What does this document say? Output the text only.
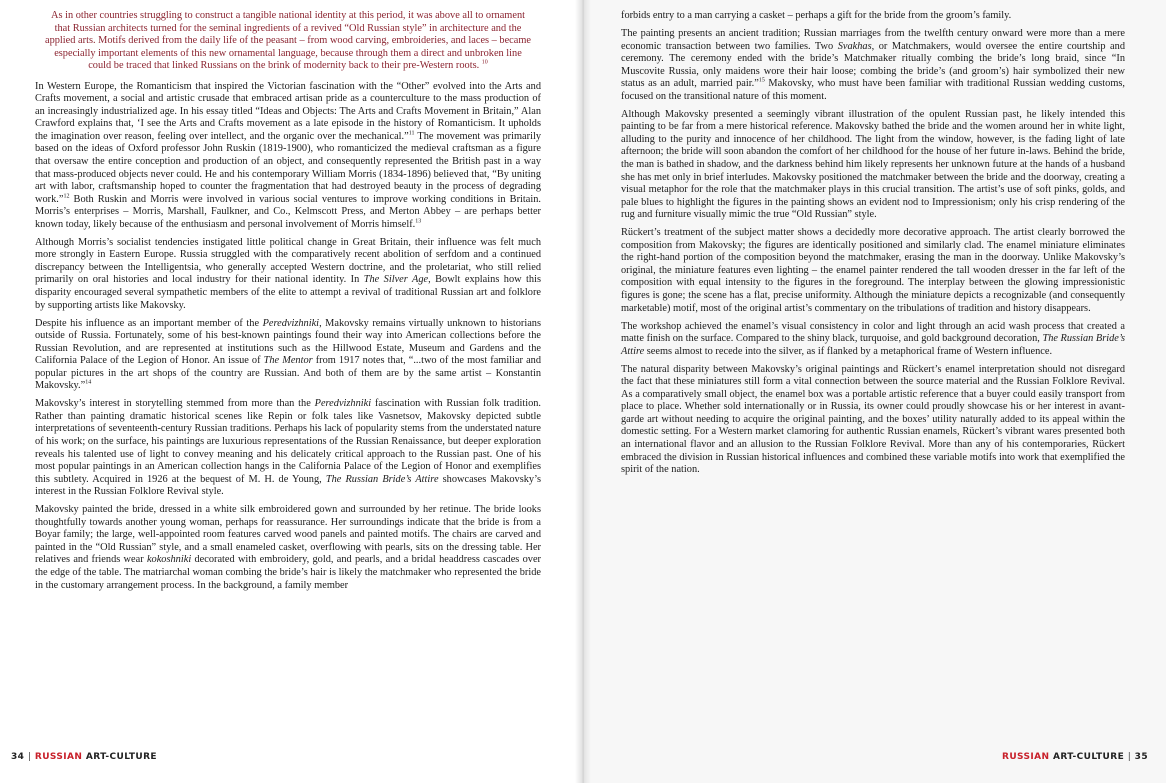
As in other countries struggling to construct a tangible national identity at this period, it was above all to ornament that Russian architects turned for the seminal ingredients of a revived “Old Russian style” in architecture and the applied arts. Motifs derived from the daily life of the peasant – from wood carving, embroideries, and laces – became especially important elements of this new ornamental language, because through them a direct and unbroken line could be traced that linked Russians on the brink of modernity back to their pre-Western roots. $^{10}$

In Western Europe, the Romanticism that inspired the Victorian fascination with the “Other” evolved into the Arts and Crafts movement, a social and artistic crusade that embraced artisan pride as a counterculture to the mass production of an increasingly industrialized age. In his essay titled “Ideas and Objects: The Arts and Crafts Movement in Britain,” Alan Crawford explains that, ‘I see the Arts and Crafts movement as a late episode in the history of Romanticism. It upholds the imagination over reason, feeling over intellect, and the organic over the mechanical.”$^{11}$ The movement was primarily based on the ideas of Oxford professor John Ruskin (1819-1900), who romanticized the medieval craftsman as a figure that oversaw the entire conception and production of an object, and consequently represented the British past in a way that mass-produced objects never could. He and his contemporary William Morris (1834-1896) believed that, “By uniting art with labor, craftsmanship hoped to counter the fragmentation that had destroyed beauty in the process of degrading work.”$^{12}$ Both Ruskin and Morris were involved in various social ventures to improve working conditions in Britain. Morris’s enterprises – Morris, Marshall, Faulkner, and Co., Kelmscott Press, and Merton Abbey – are perhaps better known today, likely because of the enthusiasm and personal involvement of Morris himself.$^{13}$

Although Morris’s socialist tendencies instigated little political change in Great Britain, their influence was felt much more strongly in Eastern Europe. Russia struggled with the comparatively recent abolition of serfdom and a continued discrepancy between the Intelligentsia, who generally accepted Western doctrine, and the proletariat, who still relied primarily on oral histories and local industry for their national identity. In The Silver Age, Bowlt explains how this disparity encouraged several sympathetic members of the elite to attempt a revival of traditional Russian art and folklore by supporting artists like Makovsky.

Despite his influence as an important member of the Peredvizhniki, Makovsky remains virtually unknown to historians outside of Russia. Fortunately, some of his best-known paintings found their way into American collections before the Russian Revolution, and are represented at institutions such as the Hillwood Estate, Museum and Gardens and the California Palace of the Legion of Honor. An issue of The Mentor from 1917 notes that, “...two of the most familiar and popular pictures in the art shops of the country are Russian. And both of them are by the same artist – Konstantin Makovsky.”$^{14}$

Makovsky’s interest in storytelling stemmed from more than the Peredvizhniki fascination with Russian folk tradition. Rather than painting dramatic historical scenes like Repin or folk tales like Vasnetsov, Makovsky depicted subtle interpretations of seventeenth-century Russian traditions. Perhaps his lack of popularity stems from the understated nature of his work; on the surface, his paintings are luxurious representations of the Russian Renaissance, but deeper exploration reveals his talented use of light to convey meaning and his delicately critical approach to the Russian past. One of his most popular paintings in an American collection hangs in the California Palace of the Legion of Honor and exemplifies this subtlety. Acquired in 1926 at the bequest of M. H. de Young, The Russian Bride’s Attire showcases Makovsky’s interest in the Russian Folklore Revival style.

Makovsky painted the bride, dressed in a white silk embroidered gown and surrounded by her retinue. The bride looks thoughtfully towards another young woman, perhaps for reassurance. Her surroundings indicate that the bride is from a Boyar family; the large, well-appointed room features carved wood panels and painted motifs. The chairs are carved and painted in the “Old Russian” style, and a small enameled casket, overflowing with pearls, sits on the dressing table. Her relatives and friends wear kokoshniki decorated with embroidery, gold, and pearls, and a bridal headdress cascades over the edge of the table. The matriarchal woman combing the bride’s hair is likely the matchmaker who represented the bride in the customary arrangement process. In the background, a family member

34 | RUSSIAN ART-CULTURE

forbids entry to a man carrying a casket – perhaps a gift for the bride from the groom’s family.

The painting presents an ancient tradition; Russian marriages from the twelfth century onward were more than a mere economic transaction between two families. Two Svakhas, or Matchmakers, would oversee the entire courtship and ceremony. The ceremony ended with the bride’s Matchmaker ritually combing the bride’s long braid, since “In Muscovite Russia, only maidens wore their hair loose; combing the bride’s (and groom’s) hair symbolized their new status as an adult, married pair.”$^{15}$ Makovsky, who must have been familiar with traditional Russian wedding customs, focused on the transitional nature of this moment.

Although Makovsky presented a seemingly vibrant illustration of the opulent Russian past, he likely intended this painting to be far from a mere historical reference. Makovsky bathed the bride and the women around her in white light, alluding to the purity and innocence of her childhood. The light from the window, however, is the fading light of late afternoon; the bride will soon abandon the comfort of her childhood for the house of her future in-laws. Behind the bride, the man is bathed in shadow, and the darkness behind him likely represents her unknown future at the hands of a husband she has met only in brief interludes. Makovsky positioned the matchmaker between the bride and the doorway, creating a visual metaphor for the role that the matchmaker plays in this crucial transition. The artist’s use of soft pinks, golds, and pale blues to highlight the figures in the painting shows an evident nod to Impressionism; only his crisp rendering of the rug and furniture visually mimic the true “Old Russian” style.

Rückert’s treatment of the subject matter shows a decidedly more decorative approach. The artist clearly borrowed the composition from Makovsky; the figures are identically positioned and similarly clad. The enamel miniature eliminates the right-hand portion of the composition beyond the matchmaker, erasing the man in the doorway. Unlike Makovsky’s original, the miniature features even lighting – the enamel painter rendered the tall wooden dresser in the far left of the composition with equal intensity to the figures in the foreground. The interplay between the glowing impressionistic figures is gone; the scene has a flat, precise uniformity. Although the miniature depicts a recognizable (and consequently marketable) motif, most of the original artist’s commentary on the tribulations of tradition and history disappears.

The workshop achieved the enamel’s visual consistency in color and light through an acid wash process that created a matte finish on the surface. Compared to the shiny black, turquoise, and gold background decoration, The Russian Bride’s Attire seems almost to recede into the silver, as if flanked by a metaphorical frame of Western influence.

The natural disparity between Makovsky’s original paintings and Rückert’s enamel interpretation should not disregard the fact that these miniatures still form a vital connection between the source material and the Russian Folklore Revival. As a comparatively small object, the enamel box was a portable artistic reference that a buyer could easily transport from place to place. Whether sold internationally or in Russia, its owner could proudly showcase his or her interest in avant-garde art without needing to acquire the original painting, and the boxes’ utility naturally added to its appeal within the domestic setting. For a Western market clamoring for authentic Russian enamels, Rückert’s vibrant wares presented both an international flavor and an allusion to the Russian Folklore Revival. More than any of his contemporaries, Rückert embraced the division in Russian historical influences and combined these variable motifs into work that exemplified the spirit of the nation.

RUSSIAN ART-CULTURE | 35
